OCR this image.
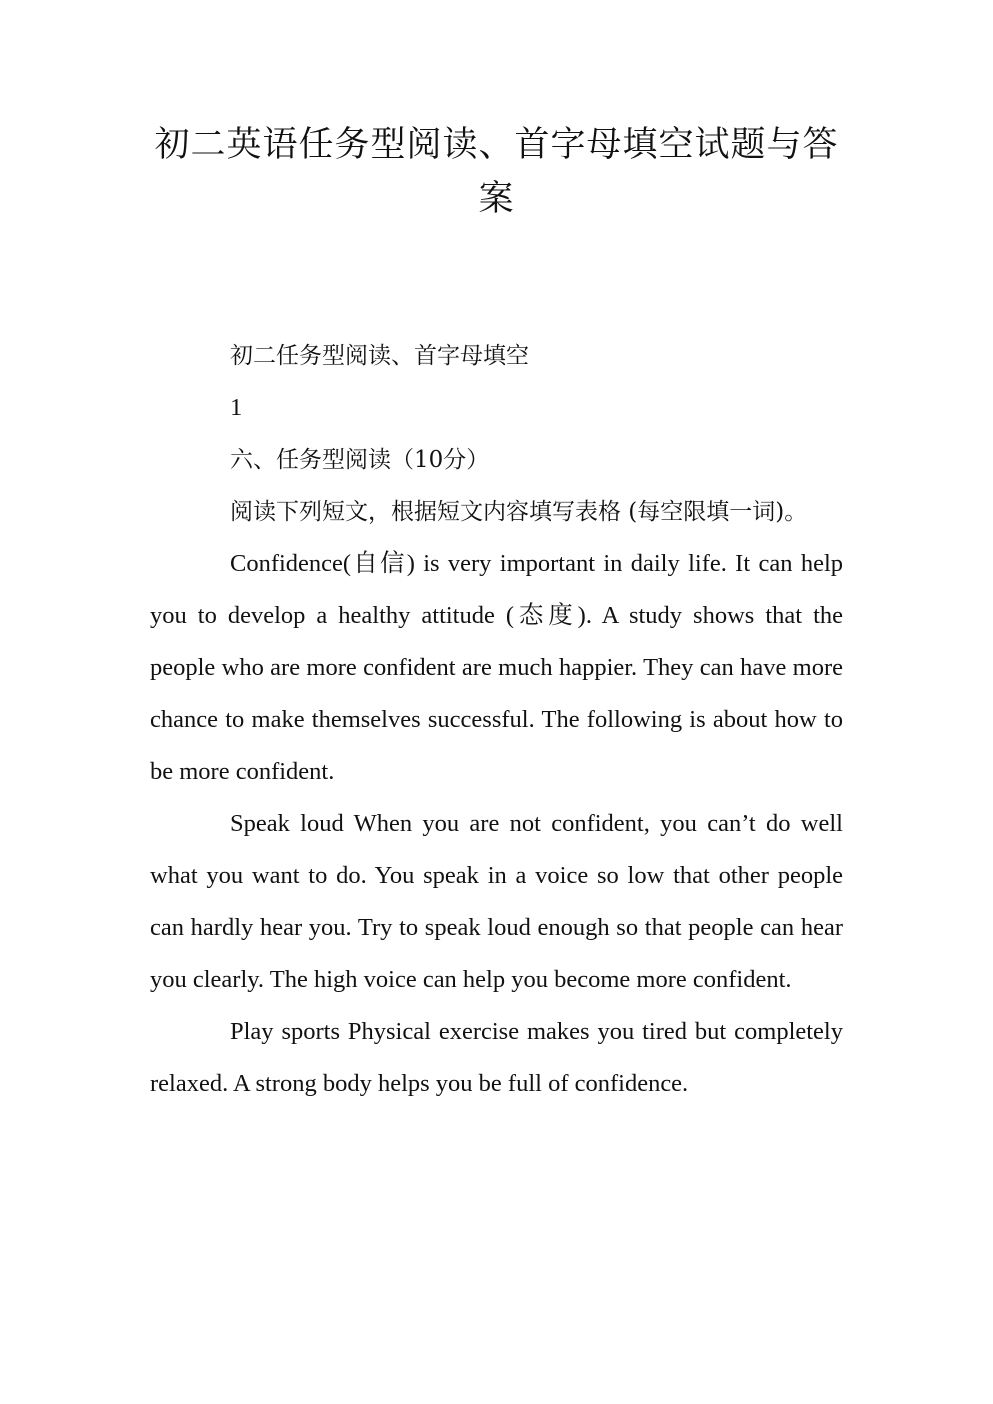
初二英语任务型阅读、首字母填空试题与答案

初二任务型阅读、首字母填空

1

六、任务型阅读（10分）

阅读下列短文，根据短文内容填写表格 (每空限填一词)。

Confidence(自信) is very important in daily life. It can help you to develop a healthy attitude (态度). A study shows that the people who are more confident are much happier. They can have more chance to make themselves successful. The following is about how to be more confident.

Speak loud When you are not confident, you can’t do well what you want to do. You speak in a voice so low that other people can hardly hear you. Try to speak loud enough so that people can hear you clearly. The high voice can help you become more confident.

Play sports Physical exercise makes you tired but completely relaxed. A strong body helps you be full of confidence.
